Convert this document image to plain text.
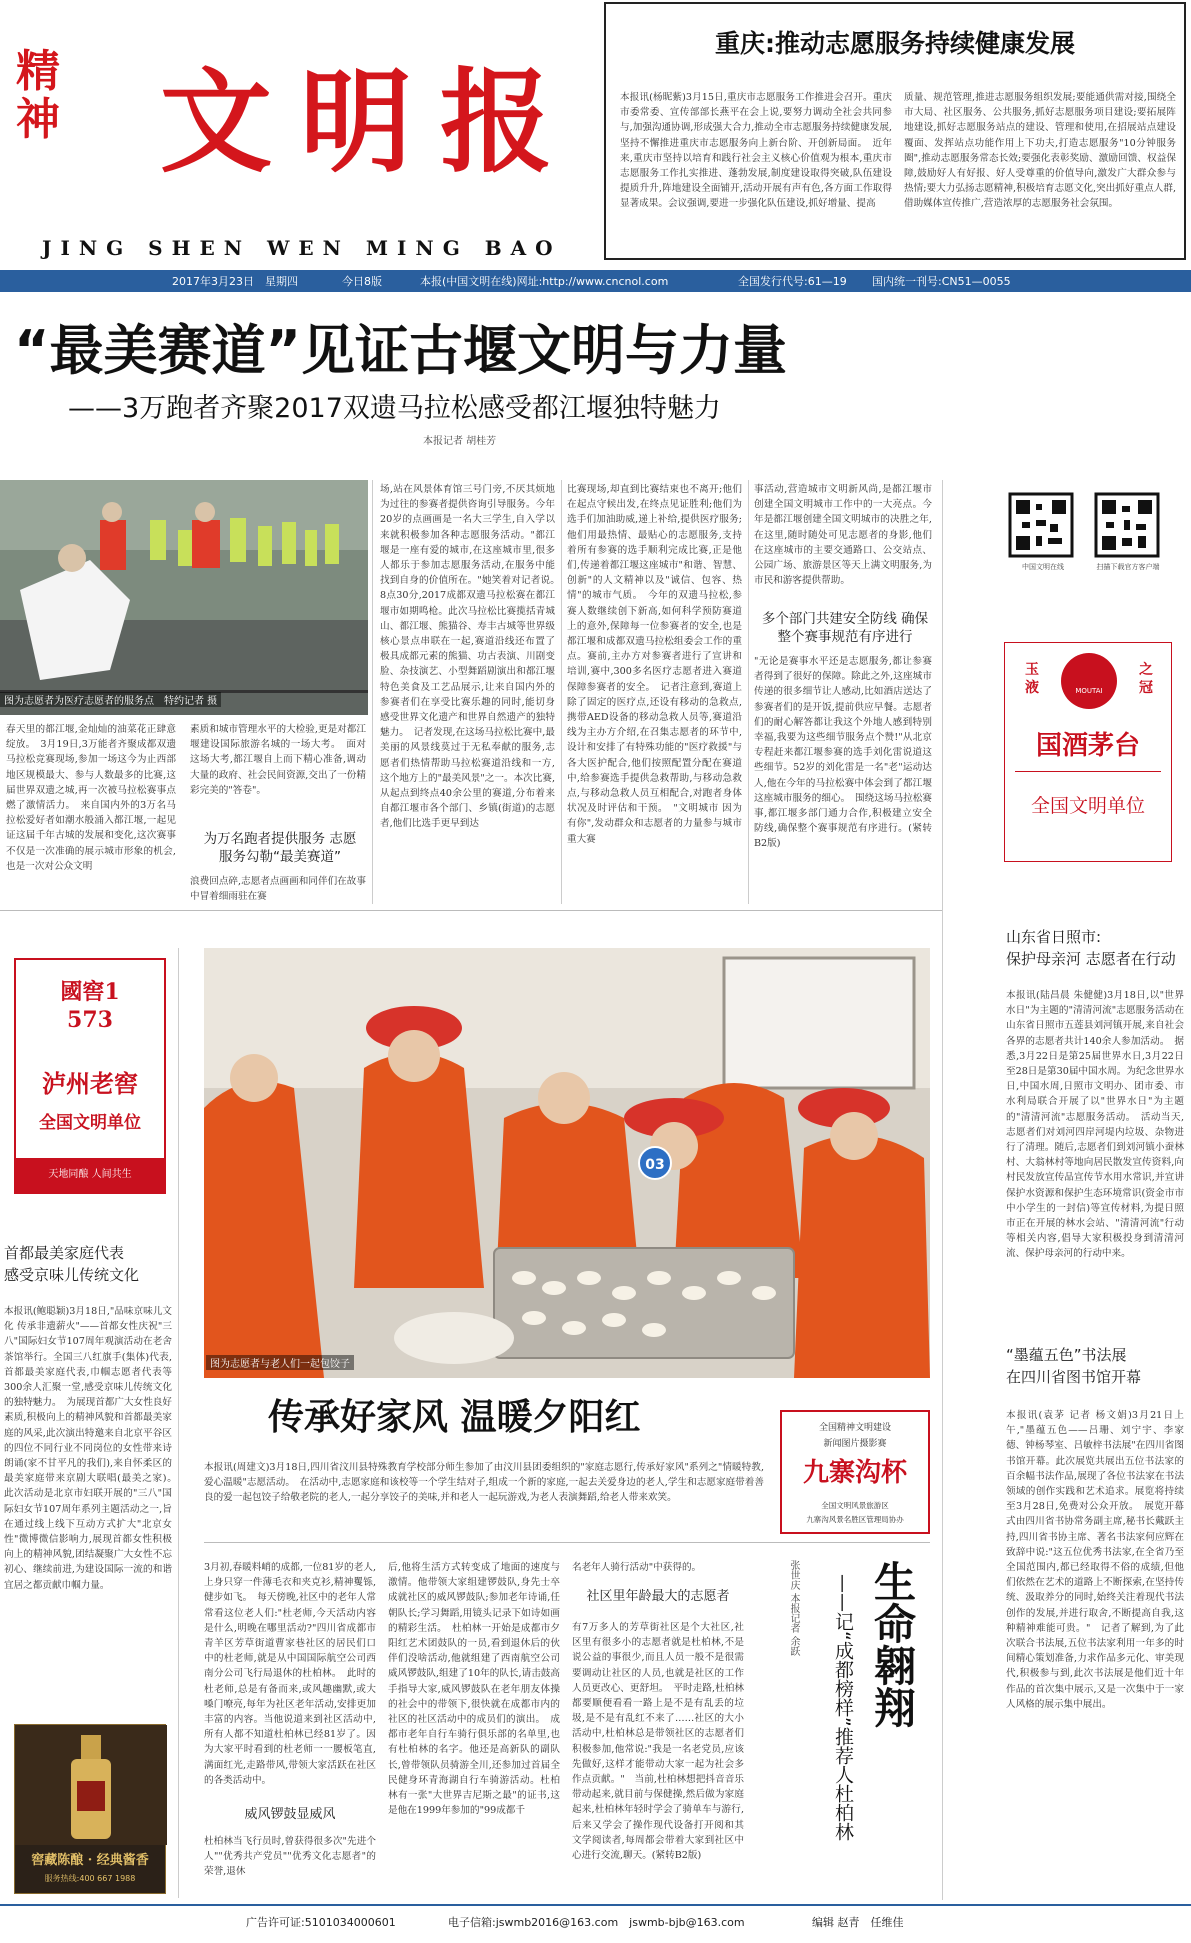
精神 文明报
JING SHEN WEN MING BAO
重庆:推动志愿服务持续健康发展
本报讯(杨昵紫)3月15日,重庆市志愿服务工作推进会召开。重庆市委常委、宣传部部长燕平在会上说,要努力调动全社会共同参与,加强沟通协调,形成强大合力,推动全市志愿服务持续健康发展,坚持不懈推进重庆市志愿服务向上新台阶、开创新局面。　近年来,重庆市坚持以培育和践行社会主义核心价值观为根本,重庆市志愿服务工作扎实推进、蓬勃发展,制度建设取得突破,队伍建设提质升升,阵地建设全面铺开,活动开展有声有色,各方面工作取得显著成果。会议强调,要进一步强化队伍建设,抓好增量、提高
质量、规范管理,推进志愿服务组织发展;要能通供需对接,围绕全市大局、社区服务、公共服务,抓好志愿服务项目建设;要拓展阵地建设,抓好志愿服务站点的建设、管理和使用,在招展站点建设覆面、发挥站点功能作用上下功夫,打造志愿服务"10分钟服务圈",推动志愿服务常态长效;要强化表彰奖励、激励回馈、权益保障,鼓励好人有好报、好人受尊重的价值导向,激发广大群众参与热情;要大力弘扬志愿精神,积极培育志愿文化,突出抓好重点人群,借助媒体宣传推广,营造浓厚的志愿服务社会氛围。
2017年3月23日　星期四	今日8版	本报(中国文明在线)网址:http://www.cncnol.com	全国发行代号:61—19 国内统一刊号:CN51—0055
“最美赛道”见证古堰文明与力量
——3万跑者齐聚2017双遗马拉松感受都江堰独特魅力
本报记者 胡桂芳
图为志愿者为医疗志愿者的服务点　特约记者 摄
春天里的都江堰,金灿灿的油菜花正肆意绽放。　3月19日,3万能者齐聚成都双遗马拉松竞赛现场,参加一场这今为止西部地区规模最大、参与人数最多的比赛,这届世界双遗之城,再一次被马拉松赛事点燃了激情活力。　来自国内外的3万名马拉松爱好者如潮水般涌入都江堰,一起见证这届千年古城的发展和变化,这次赛事不仅是一次准确的展示城市形象的机会,也是一次对公众文明
素质和城市管理水平的大检验,更是对都江堰建设国际旅游名城的一场大考。　面对这场大考,都江堰自上而下精心准备,调动大量的政府、社会民间资源,交出了一份精彩完美的"答卷"。
为万名跑者提供服务 志愿服务勾勒“最美赛道”
浪费回点碎,志愿者点画画和同伴们在故事中冒着细雨驻在赛
场,站在风景体育馆三号门旁,不厌其烦地为过往的参赛者提供咨询引导服务。今年20岁的点画画是一名大三学生,自入学以来就积极参加各种志愿服务活动。"都江堰是一座有爱的城市,在这座城市里,很多人都乐于参加志愿服务活动,在服务中能找到自身的价值所在。"她笑着对记者说。　8点30分,2017成都双遗马拉松赛在都江堰市如期鸣枪。此次马拉松比赛揽括青城山、都江堰、熊猫谷、寿丰古城等世界级核心景点串联在一起,赛道沿线还布置了极具成都元素的熊猫、功古表演、川剧变脸、杂技演艺、小型舞蹈剧演出和都江堰特色美食及工艺品展示,让来自国内外的参赛者们在享受比赛乐趣的同时,能切身感受世界文化遗产和世界自然遗产的独特魅力。　记者发现,在这场马拉松比赛中,最美丽的风景线莫过于无私奉献的服务,志愿者们热情帮助马拉松赛道沿线和一方,这个地方上的"最美风景"之一。本次比赛,从起点到终点40余公里的赛道,分布着来自都江堰市各个部门、乡镇(街道)的志愿者,他们比选手更早到达
比赛现场,却直到比赛结束也不离开;他们在起点守候出发,在终点见证胜利;他们为选手们加油助威,递上补给,提供医疗服务;他们用最热情、最贴心的志愿服务,支持着所有参赛的选手顺利完成比赛,正是他们,传递着都江堰这座城市"和谐、智慧、创新"的人文精神以及"诚信、包容、热情"的城市气质。　今年的双遗马拉松,参赛人数继续创下新高,如何科学预防赛道上的意外,保障每一位参赛者的安全,也是都江堰和成都双遗马拉松组委会工作的重点。赛前,主办方对参赛者进行了宣讲和培训,赛中,300多名医疗志愿者进入赛道保障参赛者的安全。　记者注意到,赛道上除了固定的医疗点,还设有移动的急救点,携带AED设备的移动急救人员等,赛道沿线为主办方介绍,在召集志愿者的环节中,设计和安排了有特殊功能的"医疗救援"与各大医护配合,他们按照配置分配在赛道中,给参赛选手提供急救帮助,与移动急救点,与移动急救人员互相配合,对跑者身体状况及时评估和干预。　"文明城市 因为有你",发动群众和志愿者的力量参与城市重大赛
事活动,营造城市文明新风尚,是都江堰市创建全国文明城市工作中的一大亮点。今年是都江堰创建全国文明城市的决胜之年,在这里,随时随处可见志愿者的身影,他们在这座城市的主要交通路口、公交站点、公园广场、旅游景区等天上满文明服务,为市民和游客提供帮助。
多个部门共建安全防线 确保整个赛事规范有序进行
"无论是赛事水平还是志愿服务,都让参赛者得到了很好的保障。除此之外,这座城市传递的很多细节让人感动,比如酒店送达了参赛者们的是开饭,提前供应早餐。志愿者们的耐心解答都让我这个外地人感到特别幸福,我要为这些细节服务点个赞!"从北京专程赶来都江堰参赛的选手刘化雷说道这些细节。52岁的刘化雷是一名"老"运动达人,他在今年的马拉松赛中体会到了都江堰这座城市服务的细心。　围绕这场马拉松赛事,都江堰多部门通力合作,积极建立安全防线,确保整个赛事规范有序进行。(紧转B2版)
中国文明在线	扫描下载官方客户端
玉液
之冠
MOUTAI
国酒茅台
全国文明单位
山东省日照市:
保护母亲河 志愿者在行动
本报讯(陆昌晨 朱健健)3月18日,以"世界水日"为主题的"清清河流"志愿服务活动在山东省日照市五莲县刘河镇开展,来自社会各界的志愿者共计140余人参加活动。　据悉,3月22日是第25届世界水日,3月22日至28日是第30届中国水周。为纪念世界水日,中国水周,日照市文明办、团市委、市水利局联合开展了以"世界水日"为主题的"清清河流"志愿服务活动。　活动当天,志愿者们对刘河四岸河堤内垃圾、杂物进行了清理。随后,志愿者们到刘河镇小蚕林村、大翁林村等地向居民散发宣传资料,向村民发放宣传品宣传节水用水常识,并宣讲保护水资源和保护生态环境常识(资金市市中小学生的一封信)等宣传材料,为提日照市正在开展的林水会站、"清清河流"行动等相关内容,倡导大家积极投身到清清河流、保护母亲河的行动中来。
國窖1573
泸州老窖
全国文明单位
天地同酿 人间共生
首都最美家庭代表
感受京味儿传统文化
本报讯(鲍聪颖)3月18日,"品味京味儿文化 传承非遗薪火"——首都女性庆祝"三八"国际妇女节107周年观演活动在老舍茶馆举行。全国三八红旗手(集体)代表,首都最美家庭代表,巾帼志愿者代表等300余人汇聚一堂,感受京味儿传统文化的独特魅力。　为展现首都广大女性良好素质,积极向上的精神风貌和首都最美家庭的风采,此次演出特邀来自北京平谷区的四位不同行业不同岗位的女性带来诗朗诵(家不甘平凡的我们),来自怀柔区的最美家庭带来京剧大联唱(最美之家)。　此次活动是北京市妇联开展的"三八"国际妇女节107周年系列主题活动之一,旨在通过线上线下互动方式扩大"北京女性"微博微信影响力,展现首都女性积极向上的精神风貌,团结凝聚广大女性不忘初心、继续前进,为建设国际一流的和谐宜居之都贡献巾帼力量。
窖藏陈酿 · 经典酱香
服务热线:400 667 1988
03
图为志愿者与老人们一起包饺子
传承好家风 温暖夕阳红
本报讯(周建文)3月18日,四川省汶川县特殊教育学校部分师生参加了由汶川县团委组织的"家庭志愿行,传承好家风"系列之"情暖特教,爱心温暖"志愿活动。　在活动中,志愿家庭和该校等一个学生结对子,组成一个新的家庭,一起去关爱身边的老人,学生和志愿家庭带着善良的爱一起包饺子给敬老院的老人,一起分享饺子的美味,并和老人一起玩游戏,为老人表演舞蹈,给老人带来欢笑。
全国精神文明建设
新闻图片摄影赛
九寨沟杯
全国文明风景旅游区
九寨沟风景名胜区管理局协办
3月初,春暖料峭的成都,一位81岁的老人,上身只穿一件薄毛衣和夹克衫,精神矍铄,健步如飞。　每天傍晚,社区中的老年人常常看这位老人们:"杜老师,今天活动内容是什么,明晚在哪里活动?"四川省成都市青羊区芳草街道曹家巷社区的居民们口中的杜老师,就是从中国国际航空公司西南分公司飞行局退休的杜柏林。　此时的杜老师,总是有备而来,或风趣幽默,或大嗓门嘹亮,每年为社区老年活动,安排更加丰富的内容。当他说道来到社区活动中,所有人都不知道杜柏林已经81岁了。因为大家平时看到的杜老师一一腰板笔直,满面红光,走路带风,带领大家活跃在社区的各类活动中。
威风锣鼓显威风
杜柏林当飞行员时,曾获得很多次"先进个人""优秀共产党员""优秀文化志愿者"的荣誉,退休
后,他将生活方式转变成了地面的速度与激情。他带领大家组建锣鼓队,身先士卒成就社区的威风锣鼓队;参加老年诗诵,任朝队长;学习舞蹈,用镜头记录下如诗如画的精彩生活。　杜柏林一开始是成都市夕阳红艺术团鼓队的一员,看到退休后的伙伴们没啥活动,他就组建了西南航空公司威风锣鼓队,组建了10年的队长,请击鼓高手指导大家,威风锣鼓队在老年朋友体操的社会中的带领下,很快就在成都市内的社区的社区活动中的成员们的演出。　成都市老年自行车骑行俱乐部的名单里,也有杜柏林的名字。他还是高新队的副队长,曾带领队员骑游全川,还参加过首届全民健身环青海湖自行车骑游活动。杜柏林有一张"大世界吉尼斯之最"的证书,这是他在1999年参加的"99成都千
名老年人骑行活动"中获得的。
社区里年龄最大的志愿者
有7万多人的芳草街社区是个大社区,社区里有很多小的志愿者就是杜柏林,不是说公益的事很少,而且人员一般不是很需要调动让社区的人员,也就是社区的工作人员更改心、更舒坦。　平时走路,杜柏林都要顺便看看一路上是不是有乱丢的垃圾,是不是有乱红不来了……社区的大小活动中,杜柏林总是带领社区的志愿者们积极参加,他常说:"我是一名老党员,应该先做好,这样才能带动大家一起为社会多作点贡献。"　当前,杜柏林想把抖音音乐带动起来,就目前与保健操,然后做为家庭起来,杜柏林年轻时学会了骑单车与游行,后来又学会了操作现代设备打开阅和其文学阅读者,每周都会带着大家到社区中心进行交流,聊天。(紧转B2版)
张世庆 本报记者 余跃 生命翱翔
——记“成都榜样”推荐人杜柏林
“墨蕴五色”书法展
在四川省图书馆开幕
本报讯(袁茅 记者 杨文娟)3月21日上午,"墨蕴五色——吕珊、刘宁宇、李家德、钟杨琴室、吕敏梓书法展"在四川省图书馆开幕。此次展览共展出五位书法家的百余幅书法作品,展现了各位书法家在书法领域的创作实践和艺术追求。展览将持续至3月28日,免费对公众开放。　展览开幕式由四川省书协常务副主席,秘书长戴跃主持,四川省书协主席、著名书法家何应辉在致辞中说:"这五位优秀书法家,在全省乃至全国范围内,都已经取得不俗的成绩,但他们依然在艺术的道路上不断探索,在坚持传统、汲取养分的同时,始终关注着现代书法创作的发展,并进行取舍,不断提高自我,这种精神难能可贵。"　记者了解到,为了此次联合书法展,五位书法家利用一年多的时间精心策划准备,力求作品多元化、审美现代,积极参与到,此次书法展是他们近十年作品的首次集中展示,又是一次集中于一家人风格的展示集中展出。
广告许可证:5101034000601	电子信箱:jswmb2016@163.com　jswmb-bjb@163.com	编辑 赵青　任维佳
